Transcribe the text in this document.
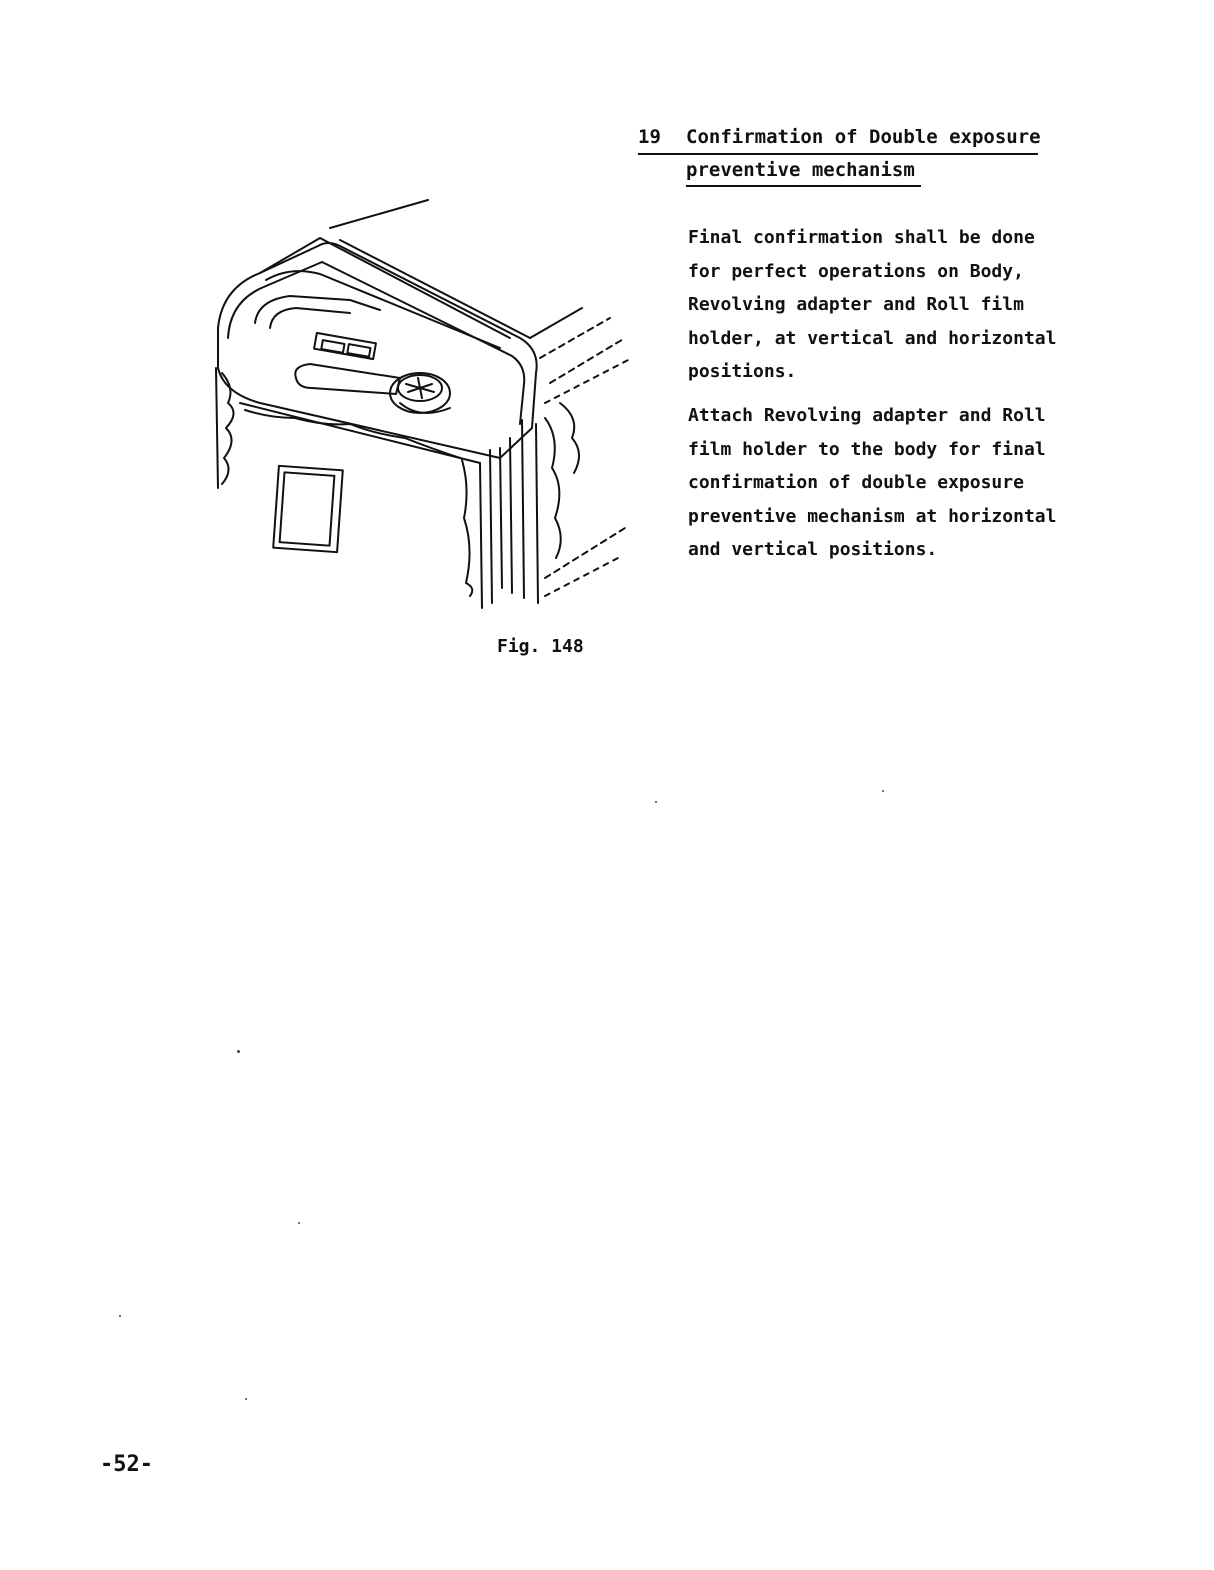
19 Confirmation of Double exposure
preventive mechanism

Final confirmation shall be done

for perfect operations on Body,

Revolving adapter and Roll film

holder, at vertical and horizontal

positions.

Attach Revolving adapter and Roll

film holder to the body for final

confirmation of double exposure

preventive mechanism at horizontal

and vertical positions.

Fig. 148
-52-
